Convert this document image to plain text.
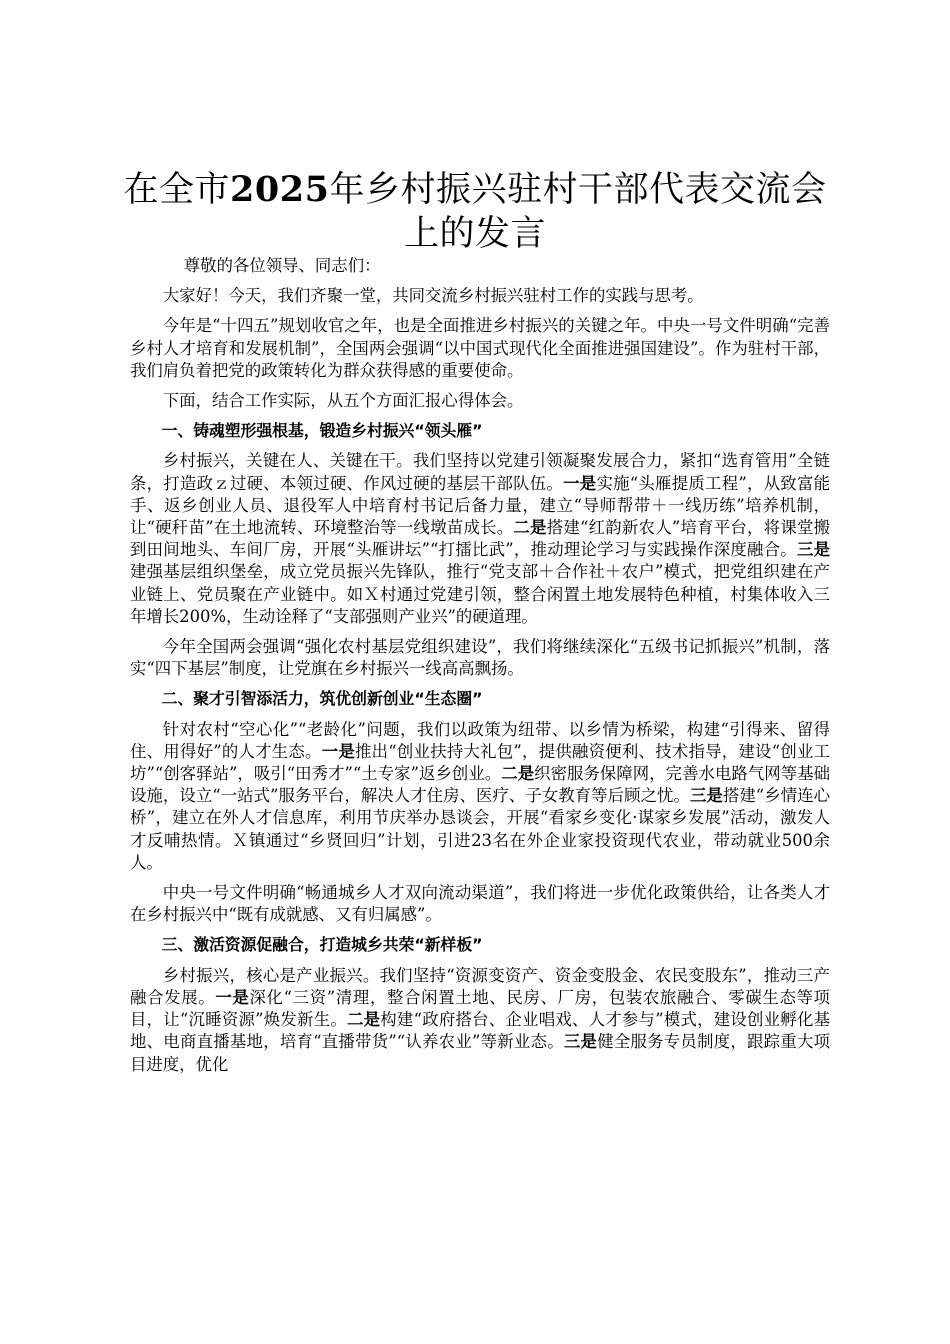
在全市2025年乡村振兴驻村干部代表交流会上的发言

尊敬的各位领导、同志们：

大家好！今天，我们齐聚一堂，共同交流乡村振兴驻村工作的实践与思考。

今年是“十四五”规划收官之年，也是全面推进乡村振兴的关键之年。中央一号文件明确“完善乡村人才培育和发展机制”，全国两会强调“以中国式现代化全面推进强国建设”。作为驻村干部，我们肩负着把党的政策转化为群众获得感的重要使命。

下面，结合工作实际，从五个方面汇报心得体会。

一、铸魂塑形强根基，锻造乡村振兴“领头雁”

乡村振兴，关键在人、关键在干。我们坚持以党建引领凝聚发展合力，紧扣“选育管用”全链条，打造政ｚ过硬、本领过硬、作风过硬的基层干部队伍。一是实施“头雁提质工程”，从致富能手、返乡创业人员、退役军人中培育村书记后备力量，建立“导师帮带＋一线历练”培养机制，让“硬秆苗”在土地流转、环境整治等一线墩苗成长。二是搭建“红韵新农人”培育平台，将课堂搬到田间地头、车间厂房，开展“头雁讲坛”“打擂比武”，推动理论学习与实践操作深度融合。三是建强基层组织堡垒，成立党员振兴先锋队，推行“党支部＋合作社＋农户”模式，把党组织建在产业链上、党员聚在产业链中。如Ｘ村通过党建引领，整合闲置土地发展特色种植，村集体收入三年增长200%，生动诠释了“支部强则产业兴”的硬道理。

今年全国两会强调“强化农村基层党组织建设”，我们将继续深化“五级书记抓振兴”机制，落实“四下基层”制度，让党旗在乡村振兴一线高高飘扬。

二、聚才引智添活力，筑优创新创业“生态圈”

针对农村“空心化”“老龄化”问题，我们以政策为纽带、以乡情为桥梁，构建“引得来、留得住、用得好”的人才生态。一是推出“创业扶持大礼包”，提供融资便利、技术指导，建设“创业工坊”“创客驿站”，吸引“田秀才”“土专家”返乡创业。二是织密服务保障网，完善水电路气网等基础设施，设立“一站式”服务平台，解决人才住房、医疗、子女教育等后顾之忧。三是搭建“乡情连心桥”，建立在外人才信息库，利用节庆举办恳谈会，开展“看家乡变化·谋家乡发展”活动，激发人才反哺热情。Ｘ镇通过“乡贤回归”计划，引进23名在外企业家投资现代农业，带动就业500余人。

中央一号文件明确“畅通城乡人才双向流动渠道”，我们将进一步优化政策供给，让各类人才在乡村振兴中“既有成就感、又有归属感”。

三、激活资源促融合，打造城乡共荣“新样板”

乡村振兴，核心是产业振兴。我们坚持“资源变资产、资金变股金、农民变股东”，推动三产融合发展。一是深化“三资”清理，整合闲置土地、民房、厂房，包装农旅融合、零碳生态等项目，让“沉睡资源”焕发新生。二是构建“政府搭台、企业唱戏、人才参与”模式，建设创业孵化基地、电商直播基地，培育“直播带货”“认养农业”等新业态。三是健全服务专员制度，跟踪重大项目进度，优化
